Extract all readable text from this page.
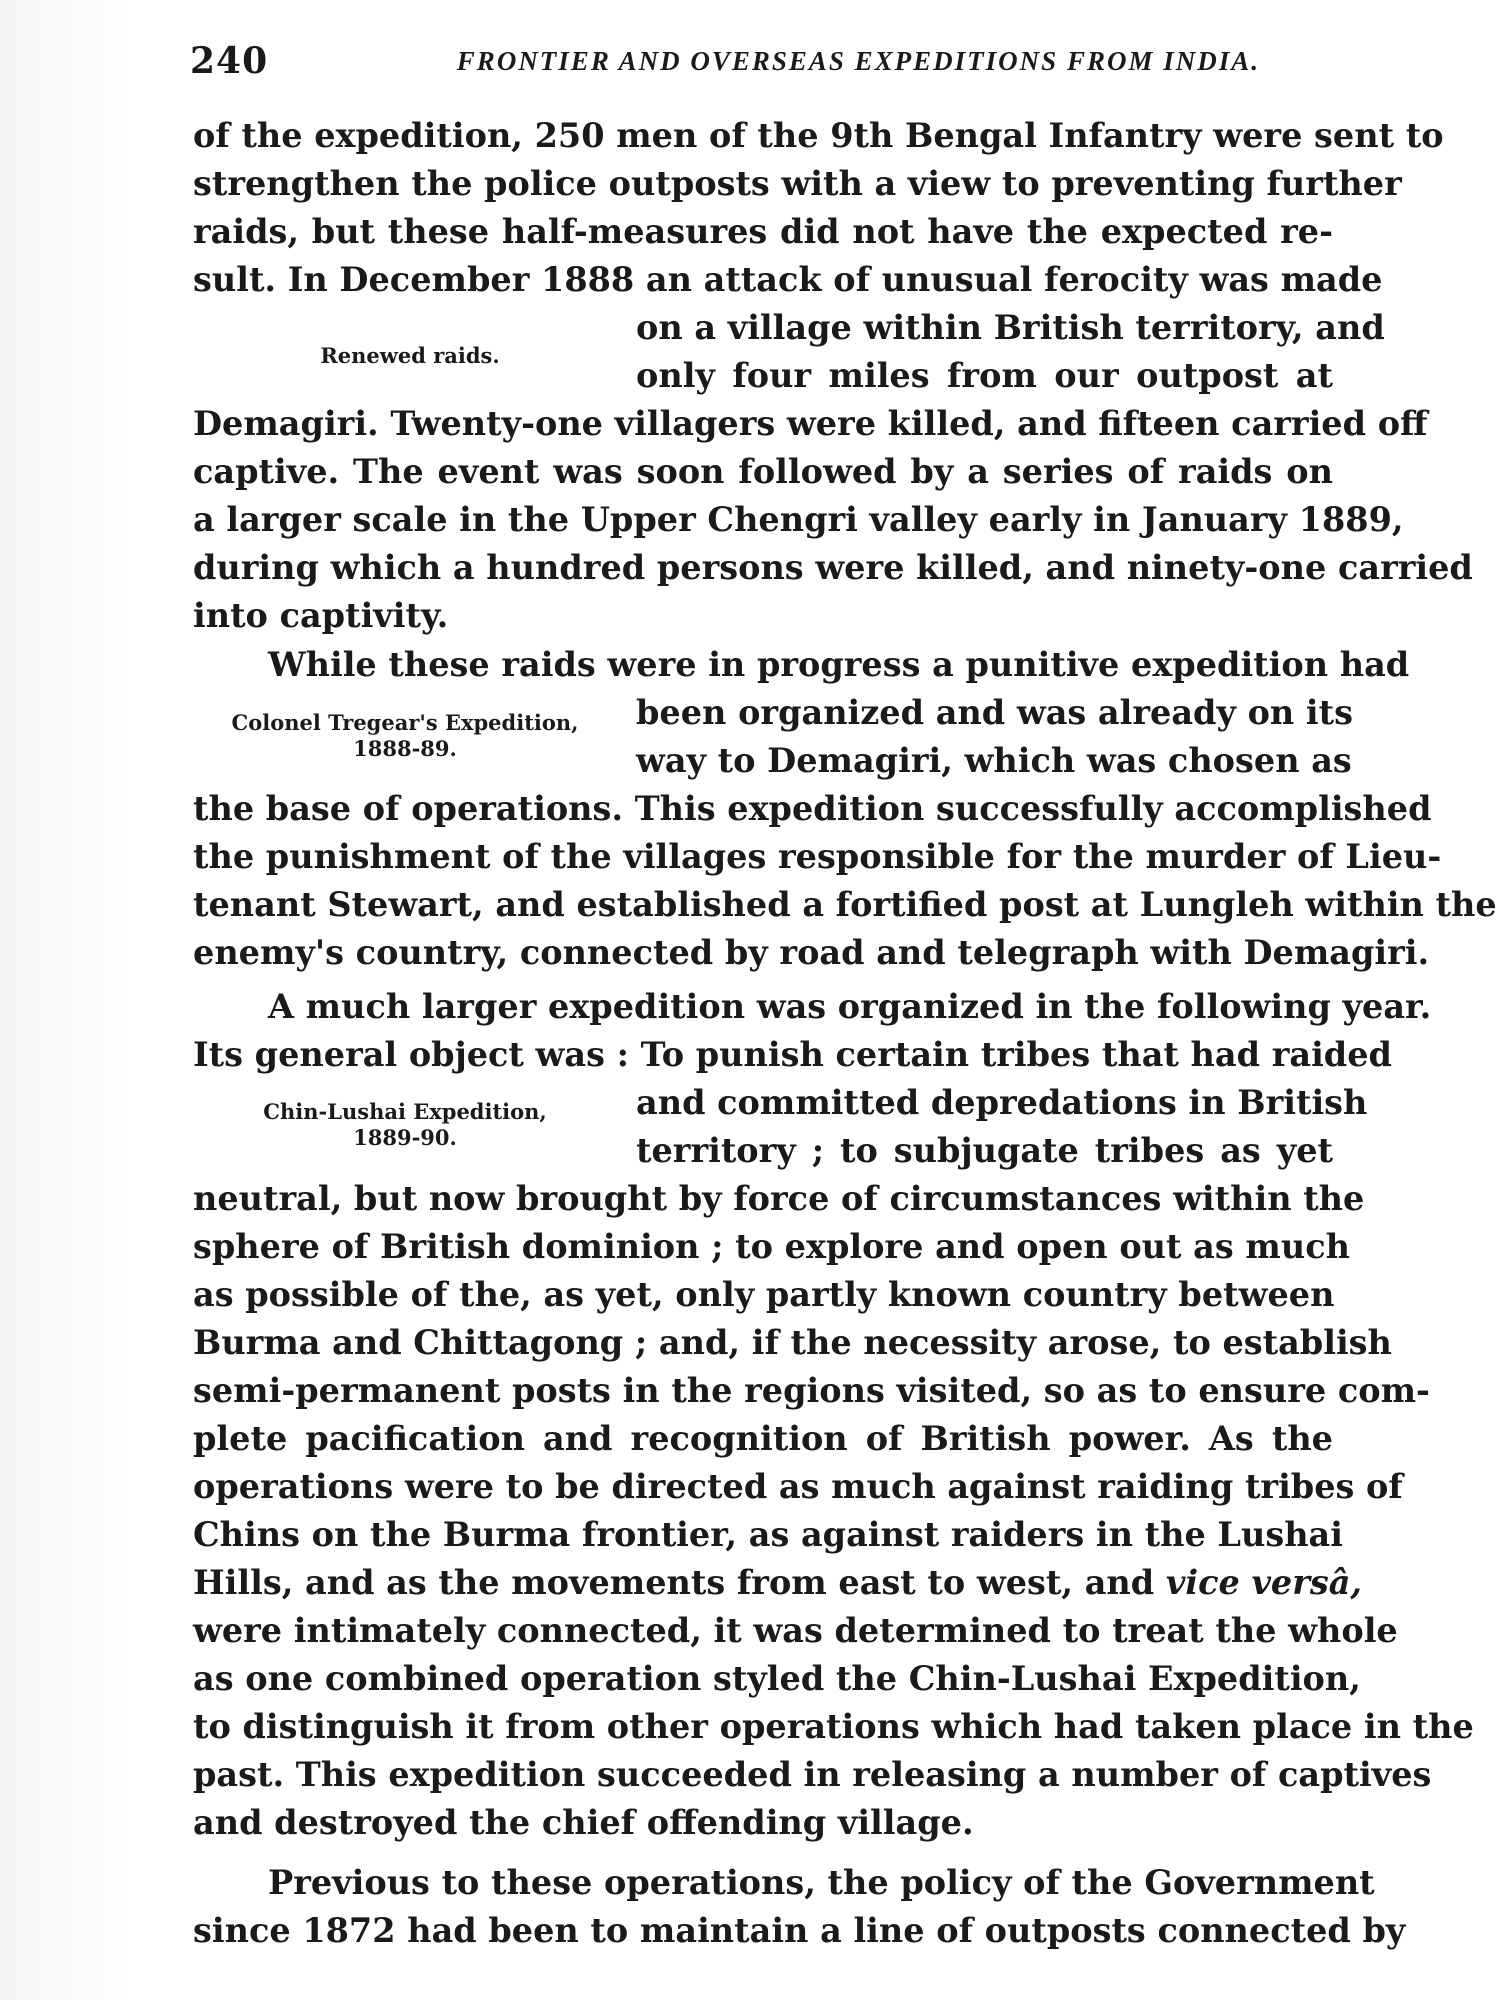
240	FRONTIER AND OVERSEAS EXPEDITIONS FROM INDIA.
Renewed raids.
Colonel Tregear's Expedition,
1888-89.
Chin-Lushai Expedition,
1889-90.
of the expedition, 250 men of the 9th Bengal Infantry were sent to
strengthen the police outposts with a view to preventing further
raids, but these half-measures did not have the expected re-
sult. In December 1888 an attack of unusual ferocity was made
on a village within British territory, and
only four miles from our outpost at
Demagiri. Twenty-one villagers were killed, and fifteen carried off
captive. The event was soon followed by a series of raids on
a larger scale in the Upper Chengri valley early in January 1889,
during which a hundred persons were killed, and ninety-one carried
into captivity.
While these raids were in progress a punitive expedition had
been organized and was already on its
way to Demagiri, which was chosen as
the base of operations. This expedition successfully accomplished
the punishment of the villages responsible for the murder of Lieu-
tenant Stewart, and established a fortified post at Lungleh within the
enemy's country, connected by road and telegraph with Demagiri.
A much larger expedition was organized in the following year.
Its general object was : To punish certain tribes that had raided
and committed depredations in British
territory ; to subjugate tribes as yet
neutral, but now brought by force of circumstances within the
sphere of British dominion ; to explore and open out as much
as possible of the, as yet, only partly known country between
Burma and Chittagong ; and, if the necessity arose, to establish
semi-permanent posts in the regions visited, so as to ensure com-
plete pacification and recognition of British power. As the
operations were to be directed as much against raiding tribes of
Chins on the Burma frontier, as against raiders in the Lushai
Hills, and as the movements from east to west, and vice versâ,
were intimately connected, it was determined to treat the whole
as one combined operation styled the Chin-Lushai Expedition,
to distinguish it from other operations which had taken place in the
past. This expedition succeeded in releasing a number of captives
and destroyed the chief offending village.
Previous to these operations, the policy of the Government
since 1872 had been to maintain a line of outposts connected by
